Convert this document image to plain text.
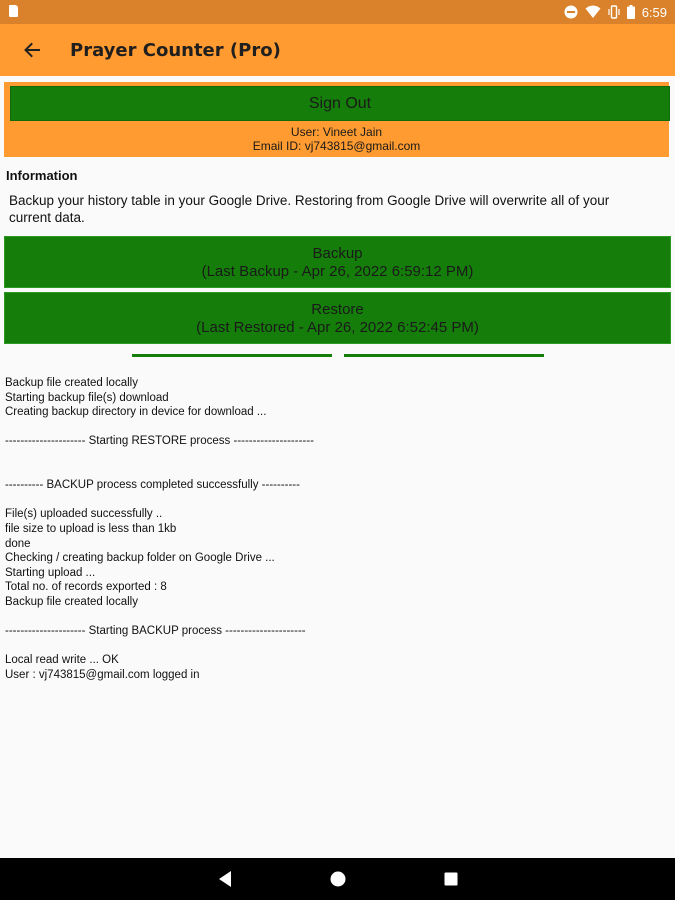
6:59
Prayer Counter (Pro)
Sign Out
User: Vineet Jain
Email ID: vj743815@gmail.com
Information
Backup your history table in your Google Drive. Restoring from Google Drive will overwrite all of your current data.
Backup
(Last Backup - Apr 26, 2022 6:59:12 PM)
Restore
(Last Restored - Apr 26, 2022 6:52:45 PM)
Backup file created locally
Starting backup file(s) download
Creating backup directory in device for download ...
--------------------- Starting RESTORE process ---------------------
---------- BACKUP process completed successfully ----------
File(s) uploaded successfully ..
file size to upload is less than 1kb
done
Checking / creating backup folder on Google Drive ...
Starting upload ...
Total no. of records exported : 8
Backup file created locally
--------------------- Starting BACKUP process ---------------------
Local read write ... OK
User : vj743815@gmail.com logged in
